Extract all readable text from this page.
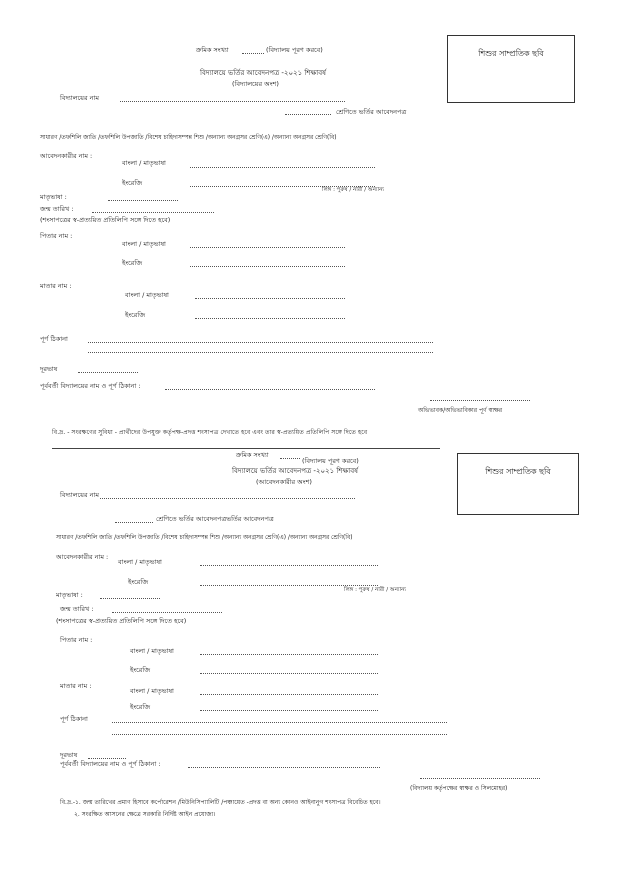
শিশুর সাম্প্রতিক ছবি
ক্রমিক সংখ্যা	(বিদ্যালয় পূরণ করবে)
বিদ্যালয়ে ভর্তির আবেদনপত্র -২০২১ শিক্ষাবর্ষ
(বিদ্যালয়ের অংশ)
বিদ্যালয়ের নাম
শ্রেণিতে ভর্তির আবেদনপত্র
সাধারণ /তফশিলি জাতি /তফশিলি উপজাতি /বিশেষ চাহিদাসম্পন্ন শিশু /অন্যান্য অনগ্রসর শ্রেণি(এ) /অন্যান্য অনগ্রসর শ্রেণি(বি)
আবেদনকারীর নাম :
বাংলা / মাতৃভাষা
ইংরেজি
লিঙ্গ : পুরুষ / নারী / অন্যান্য
মাতৃভাষা :
জন্ম তারিখ :
(শংসাপত্রের স্ব-প্রত্যয়িত প্রতিলিপি সঙ্গে দিতে হবে)
পিতার নাম :
বাংলা / মাতৃভাষা
ইংরেজি
মাতার নাম :
বাংলা / মাতৃভাষা
ইংরেজি
পূর্ণ ঠিকানা
দূরভাষ
পূর্ববর্তী বিদ্যালয়ের নাম ও পূর্ণ ঠিকানা :
অভিভাবক/অভিভাবিকার পূর্ণ স্বাক্ষর
বি.দ্র. - সংরক্ষণের সুবিধা - প্রার্থীদের উপযুক্ত কর্তৃপক্ষ-প্রদত্ত শংসাপত্র দেখাতে হবে এবং তার স্ব-প্রত্যয়িত প্রতিলিপি সঙ্গে দিতে হবে
শিশুর সাম্প্রতিক ছবি
ক্রমিক সংখ্যা
(বিদ্যালয় পূরণ করবে)
বিদ্যালয়ে ভর্তির আবেদনপত্র -২০২১ শিক্ষাবর্ষ
(আবেদনকারীর অংশ)
বিদ্যালয়ের নাম
শ্রেণিতে ভর্তির আবেদনপত্রভর্তির আবেদনপত্র
সাধারণ /তফশিলি জাতি /তফশিলি উপজাতি /বিশেষ চাহিদাসম্পন্ন শিশু /অন্যান্য অনগ্রসর শ্রেণি(এ) /অন্যান্য অনগ্রসর শ্রেণি(বি)
আবেদনকারীর নাম :
বাংলা / মাতৃভাষা
ইংরেজি
লিঙ্গ : পুরুষ / নারী / অন্যান্য
মাতৃভাষা :
জন্ম তারিখ :
(শংসাপত্রের স্ব-প্রত্যয়িত প্রতিলিপি সঙ্গে দিতে হবে)
পিতার নাম :
বাংলা / মাতৃভাষা
ইংরেজি
মাতার নাম :
বাংলা / মাতৃভাষা
ইংরেজি
পূর্ণ ঠিকানা
দূরভাষ
পূর্ববর্তী বিদ্যালয়ের নাম ও পূর্ণ ঠিকানা :
(বিদ্যালয় কর্তৃপক্ষের স্বাক্ষর ও সিলমোহর)
বি.দ্র.-১. জন্ম তারিখের প্রমাণ হিসাবে কর্পোরেশন /মিউনিসিপ্যালিটি /পঞ্চায়েত -প্রদত্ত বা অন্য কোনও আইনানুগ শংসাপত্র বিবেচিত হবে।
২. সংরক্ষিত আসনের ক্ষেত্রে সরকারি নির্দিষ্ট আইন প্রযোজ্য।
